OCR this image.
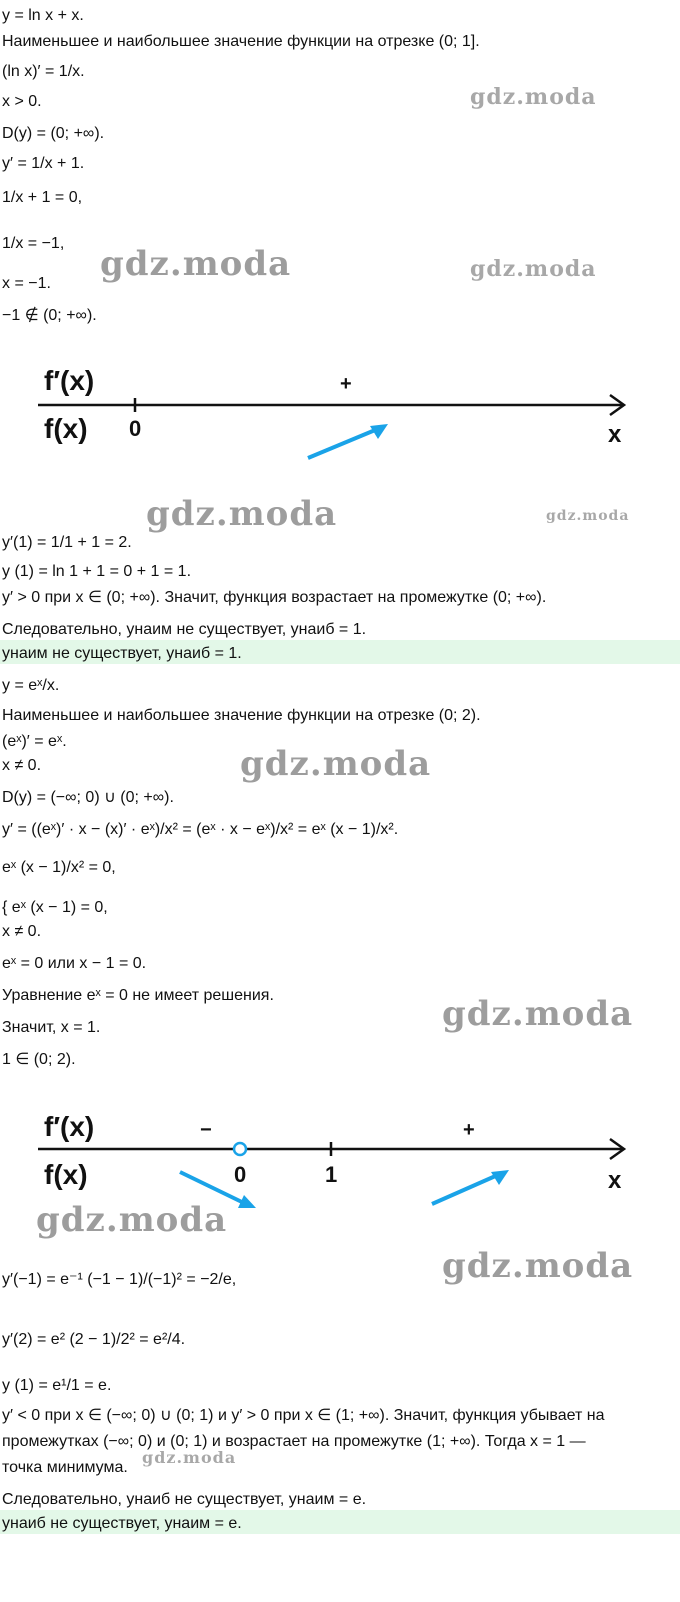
y = ln x + x.
Наименьшее и наибольшее значение функции на отрезке (0; 1].
(ln x)′ = 1/x.
x > 0.
D(y) = (0; +∞).
y′ = 1/x + 1.
1/x + 1 = 0,
1/x = −1,
x = −1.
−1 ∉ (0; +∞).
y′(1) = 1/1 + 1 = 2.
y (1) = ln 1 + 1 = 0 + 1 = 1.
y′ > 0 при x ∈ (0; +∞). Значит, функция возрастает на промежутке (0; +∞).
Следовательно, yнаим не существует, yнаиб = 1.
yнаим не существует, yнаиб = 1.
y = eˣ/x.
Наименьшее и наибольшее значение функции на отрезке (0; 2).
(eˣ)′ = eˣ.
x ≠ 0.
D(y) = (−∞; 0) ∪ (0; +∞).
y′ = ((eˣ)′ · x − (x)′ · eˣ)/x² = (eˣ · x − eˣ)/x² = eˣ (x − 1)/x².
eˣ (x − 1)/x² = 0,
{ eˣ (x − 1) = 0,
x ≠ 0.
eˣ = 0 или x − 1 = 0.
Уравнение eˣ = 0 не имеет решения.
Значит, x = 1.
1 ∈ (0; 2).
y′(−1) = e⁻¹ (−1 − 1)/(−1)² = −2/e,
y′(2) = e² (2 − 1)/2² = e²/4.
y (1) = e¹/1 = e.
y′ < 0 при x ∈ (−∞; 0) ∪ (0; 1) и y′ > 0 при x ∈ (1; +∞). Значит, функция убывает на
промежутках (−∞; 0) и (0; 1) и возрастает на промежутке (1; +∞). Тогда x = 1 —
точка минимума.
Следовательно, yнаиб не существует, yнаим = e.
yнаиб не существует, yнаим = e.
f′(x)	+
f(x) 0	x
f′(x)	−	+
f(x)	0	1	x
gdz.moda
gdz.moda	gdz.moda
gdz.moda	gdz.moda
gdz.moda
gdz.moda
gdz.moda
gdz.moda
gdz.moda
